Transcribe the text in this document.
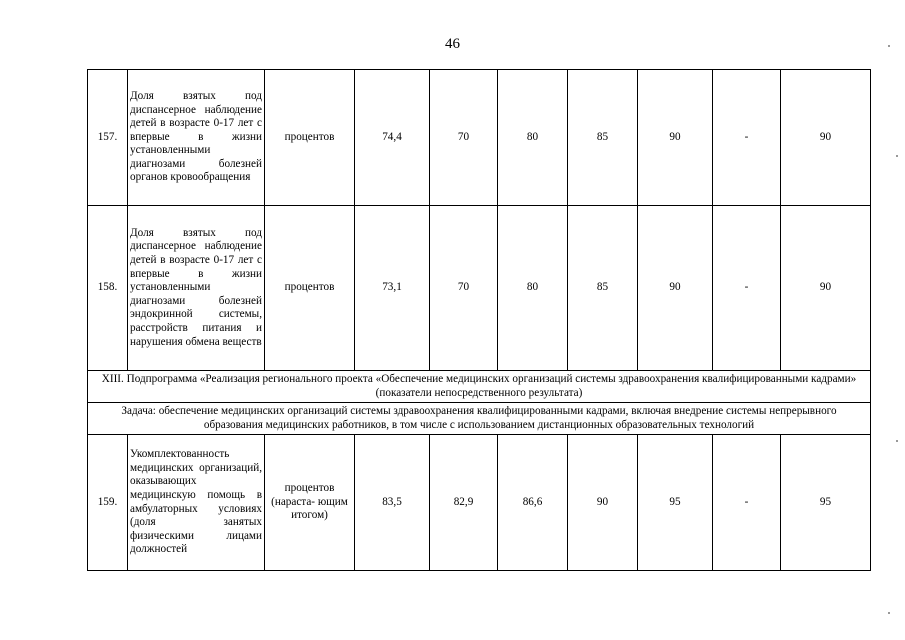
46
157.	Доля взятых под диспансерное наблюдение детей в возрасте 0-17 лет с впервые в жизни установленными диагнозами болезней органов кровообращения	процентов	74,4	70	80	85	90	-	90
158.	Доля взятых под диспансерное наблюдение детей в возрасте 0-17 лет с впервые в жизни установленными диагнозами болезней эндокринной системы, расстройств питания и нарушения обмена веществ	процентов	73,1	70	80	85	90	-	90
XIII. Подпрограмма «Реализация регионального проекта «Обеспечение медицинских организаций системы здравоохранения квалифицированными кадрами» (показатели непосредственного результата)									
Задача: обеспечение медицинских организаций системы здравоохранения квалифицированными кадрами, включая внедрение системы непрерывного образования медицинских работников, в том числе с использованием дистанционных образовательных технологий									
159.	Укомплектованность медицинских организаций, оказывающих медицинскую помощь в амбулаторных условиях (доля занятых физическими лицами должностей	процентов (нараста- ющим итогом)	83,5	82,9	86,6	90	95	-	95
